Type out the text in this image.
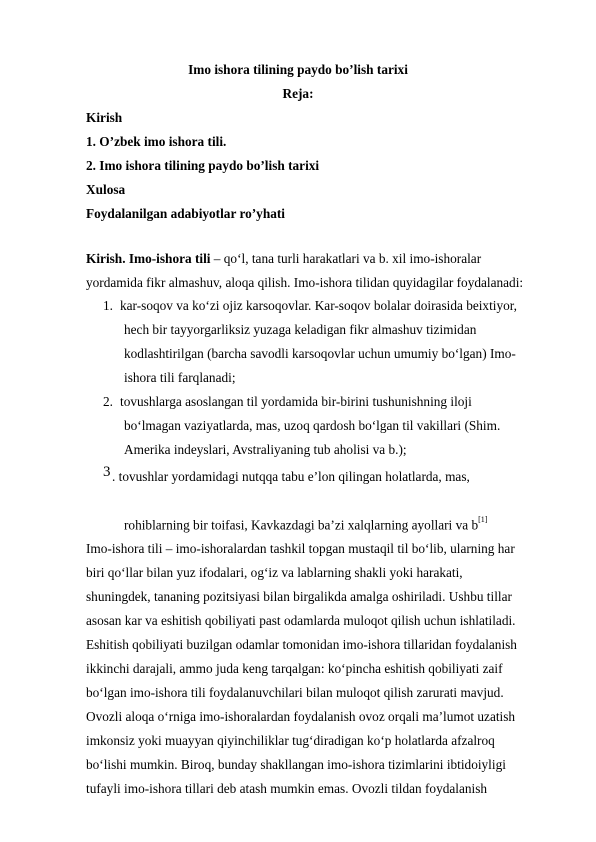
Imo ishora tilining paydo bo’lish tarixi
Reja:
Kirish
1. O’zbek imo ishora tili.
2. Imo ishora tilining paydo bo’lish tarixi
Xulosa
Foydalanilgan adabiyotlar ro’yhati
Kirish. Imo-ishora tili – qo‘l, tana turli harakatlari va b. xil imo-ishoralar
yordamida fikr almashuv, aloqa qilish. Imo-ishora tilidan quyidagilar foydalanadi:
1. kar-soqov va ko‘zi ojiz karsoqovlar. Kar-soqov bolalar doirasida beixtiyor,
hech bir tayyorgarliksiz yuzaga keladigan fikr almashuv tizimidan
kodlashtirilgan (barcha savodli karsoqovlar uchun umumiy bo‘lgan) Imo-
ishora tili farqlanadi;
2. tovushlarga asoslangan til yordamida bir-birini tushunishning iloji
bo‘lmagan vaziyatlarda, mas, uzoq qardosh bo‘lgan til vakillari (Shim.
Amerika indeyslari, Avstraliyaning tub aholisi va b.);
3 . tovushlar yordamidagi nutqqa tabu e’lon qilingan holatlarda, mas,
rohiblarning bir toifasi, Kavkazdagi ba’zi xalqlarning ayollari va b[1]
Imo-ishora tili – imo-ishoralardan tashkil topgan mustaqil til bo‘lib, ularning har
biri qo‘llar bilan yuz ifodalari, og‘iz va lablarning shakli yoki harakati,
shuningdek, tananing pozitsiyasi bilan birgalikda amalga oshiriladi. Ushbu tillar
asosan kar va eshitish qobiliyati past odamlarda muloqot qilish uchun ishlatiladi.
Eshitish qobiliyati buzilgan odamlar tomonidan imo-ishora tillaridan foydalanish
ikkinchi darajali, ammo juda keng tarqalgan: ko‘pincha eshitish qobiliyati zaif
bo‘lgan imo-ishora tili foydalanuvchilari bilan muloqot qilish zarurati mavjud.
Ovozli aloqa o‘rniga imo-ishoralardan foydalanish ovoz orqali ma’lumot uzatish
imkonsiz yoki muayyan qiyinchiliklar tug‘diradigan ko‘p holatlarda afzalroq
bo‘lishi mumkin. Biroq, bunday shakllangan imo-ishora tizimlarini ibtidoiyligi
tufayli imo-ishora tillari deb atash mumkin emas. Ovozli tildan foydalanish
